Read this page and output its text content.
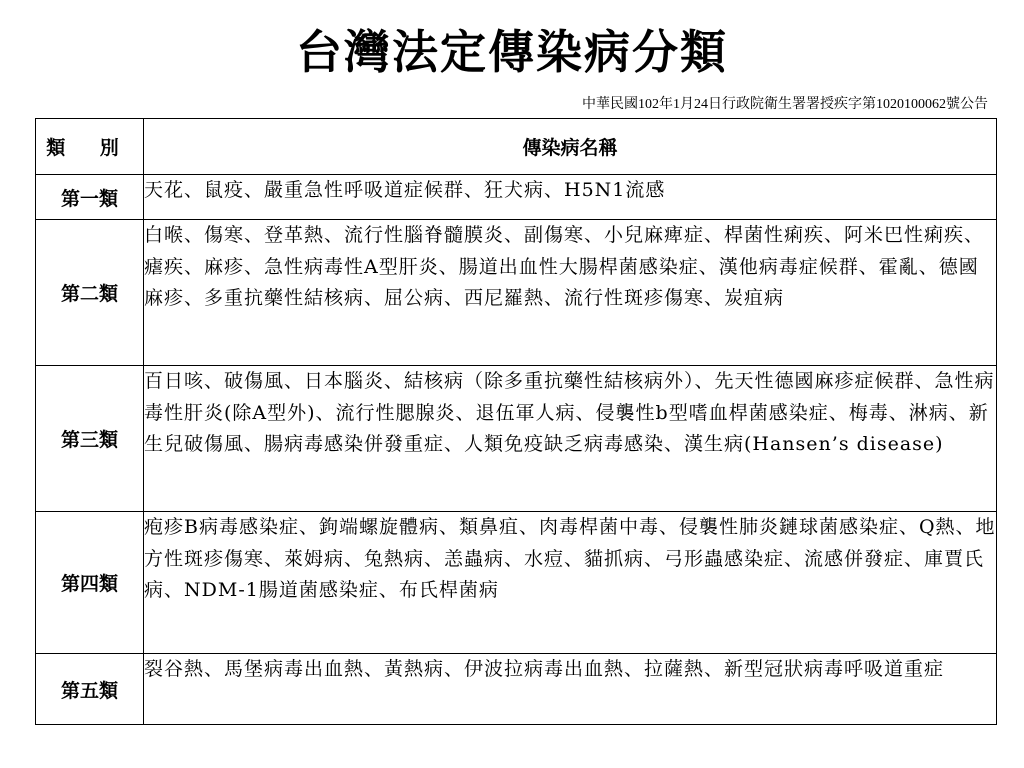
台灣法定傳染病分類
中華民國102年1月24日行政院衛生署署授疾字第1020100062號公告
類 別	傳染病名稱
第一類	天花、鼠疫、嚴重急性呼吸道症候群、狂犬病、H5N1流感
第二類	白喉、傷寒、登革熱、流行性腦脊髓膜炎、副傷寒、小兒麻痺症、桿菌性痢疾、阿米巴性痢疾、瘧疾、麻疹、急性病毒性A型肝炎、腸道出血性大腸桿菌感染症、漢他病毒症候群、霍亂、德國麻疹、多重抗藥性結核病、屈公病、西尼羅熱、流行性斑疹傷寒、炭疽病
第三類	百日咳、破傷風、日本腦炎、結核病（除多重抗藥性結核病外）、先天性德國麻疹症候群、急性病毒性肝炎(除A型外)、流行性腮腺炎、退伍軍人病、侵襲性b型嗜血桿菌感染症、梅毒、淋病、新生兒破傷風、腸病毒感染併發重症、人類免疫缺乏病毒感染、漢生病(Hansen’s disease)
第四類	疱疹B病毒感染症、鉤端螺旋體病、類鼻疽、肉毒桿菌中毒、侵襲性肺炎鏈球菌感染症、Q熱、地方性斑疹傷寒、萊姆病、兔熱病、恙蟲病、水痘、貓抓病、弓形蟲感染症、流感併發症、庫賈氏病、NDM-1腸道菌感染症、布氏桿菌病
第五類	裂谷熱、馬堡病毒出血熱、黃熱病、伊波拉病毒出血熱、拉薩熱、新型冠狀病毒呼吸道重症
